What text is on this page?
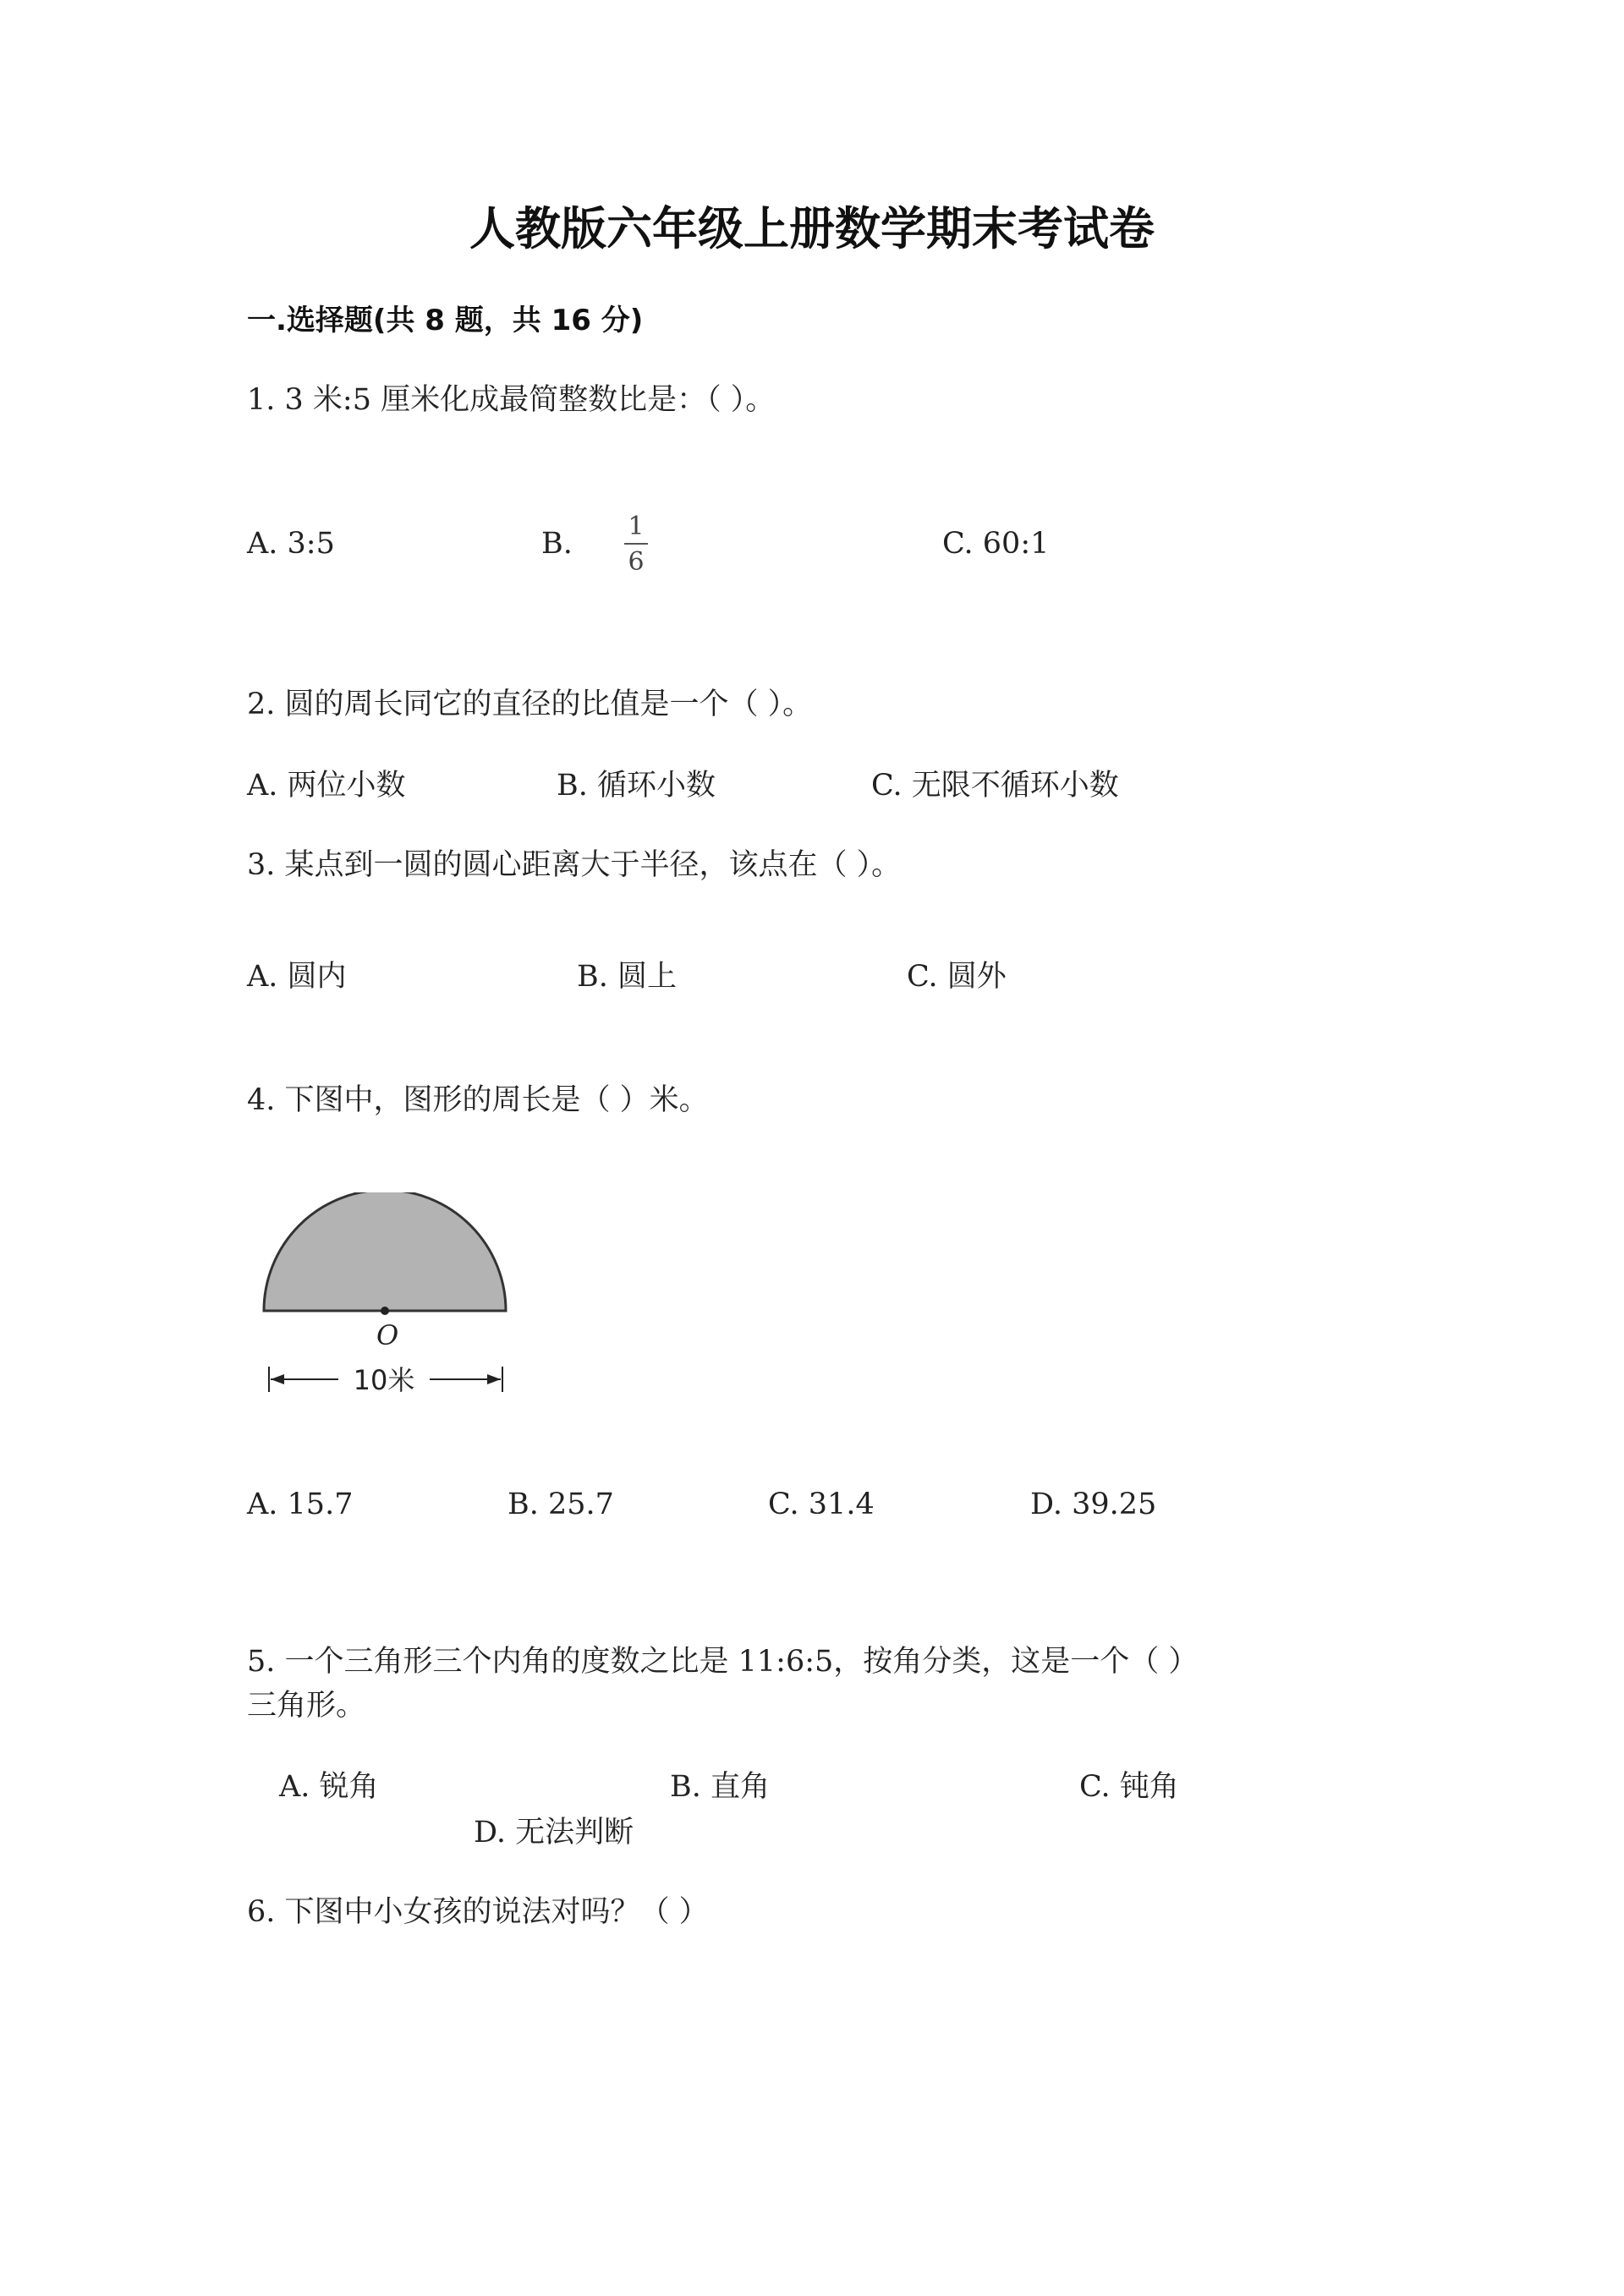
人教版六年级上册数学期末考试卷
一.选择题(共 8 题，共 16 分)
1. 3 米:5 厘米化成最简整数比是：（ ）。
A. 3:5	B.
1
6
C. 60:1
2. 圆的周长同它的直径的比值是一个（ ）。
A. 两位小数	B. 循环小数	C. 无限不循环小数
3. 某点到一圆的圆心距离大于半径，该点在（ ）。
A. 圆内	B. 圆上	C. 圆外
4. 下图中，图形的周长是（ ）米。
O
10米
A. 15.7	B. 25.7	C. 31.4	D. 39.25
5. 一个三角形三个内角的度数之比是 11:6:5，按角分类，这是一个（ ）
三角形。
A. 锐角	B. 直角	C. 钝角
D. 无法判断
6. 下图中小女孩的说法对吗？（ ）
